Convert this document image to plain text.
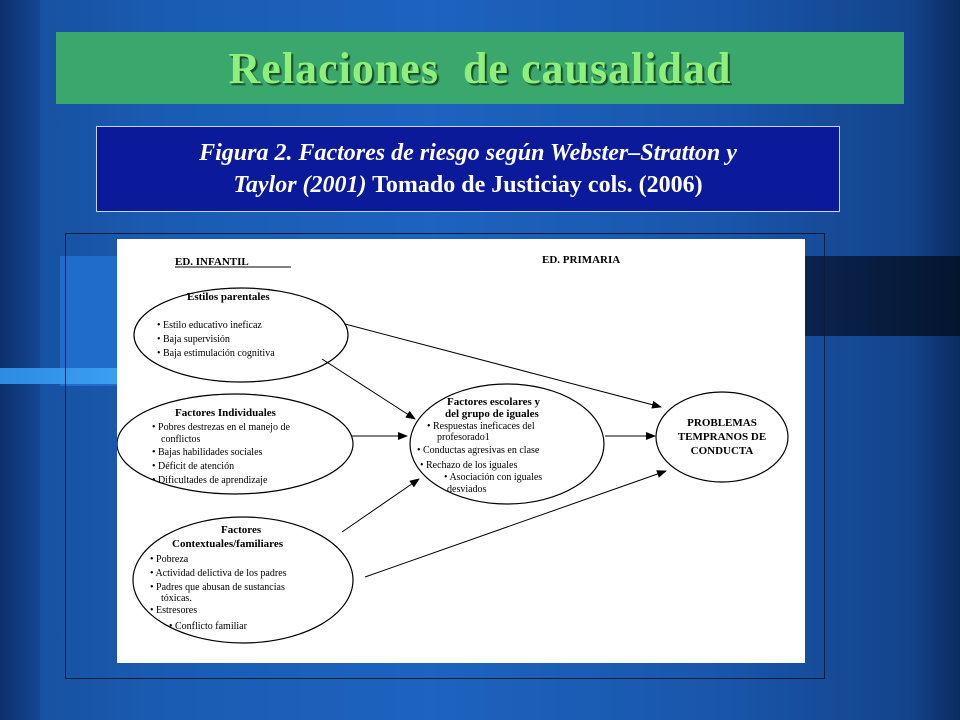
Relaciones  de causalidad
Figura 2. Factores de riesgo según Webster–Stratton y
Taylor (2001) Tomado de Justiciay cols. (2006)
ED. INFANTIL	ED. PRIMARIA
Estilos parentales
• Estilo educativo ineficaz
• Baja supervisión
• Baja estimulación cognitiva
Factores Individuales
• Pobres destrezas en el manejo de
conflictos
• Bajas habilidades sociales
• Déficit de atención
• Dificultades de aprendizaje
Factores
Contextuales/familiares
• Pobreza
• Actividad delictiva de los padres
• Padres que abusan de sustancias
tóxicas.
• Estresores
• Conflicto familiar
Factores escolares y
del grupo de iguales
• Respuestas ineficaces del
profesorado1
• Conductas agresivas en clase
• Rechazo de los iguales
• Asociación con iguales
desviados
PROBLEMAS
TEMPRANOS DE
CONDUCTA
